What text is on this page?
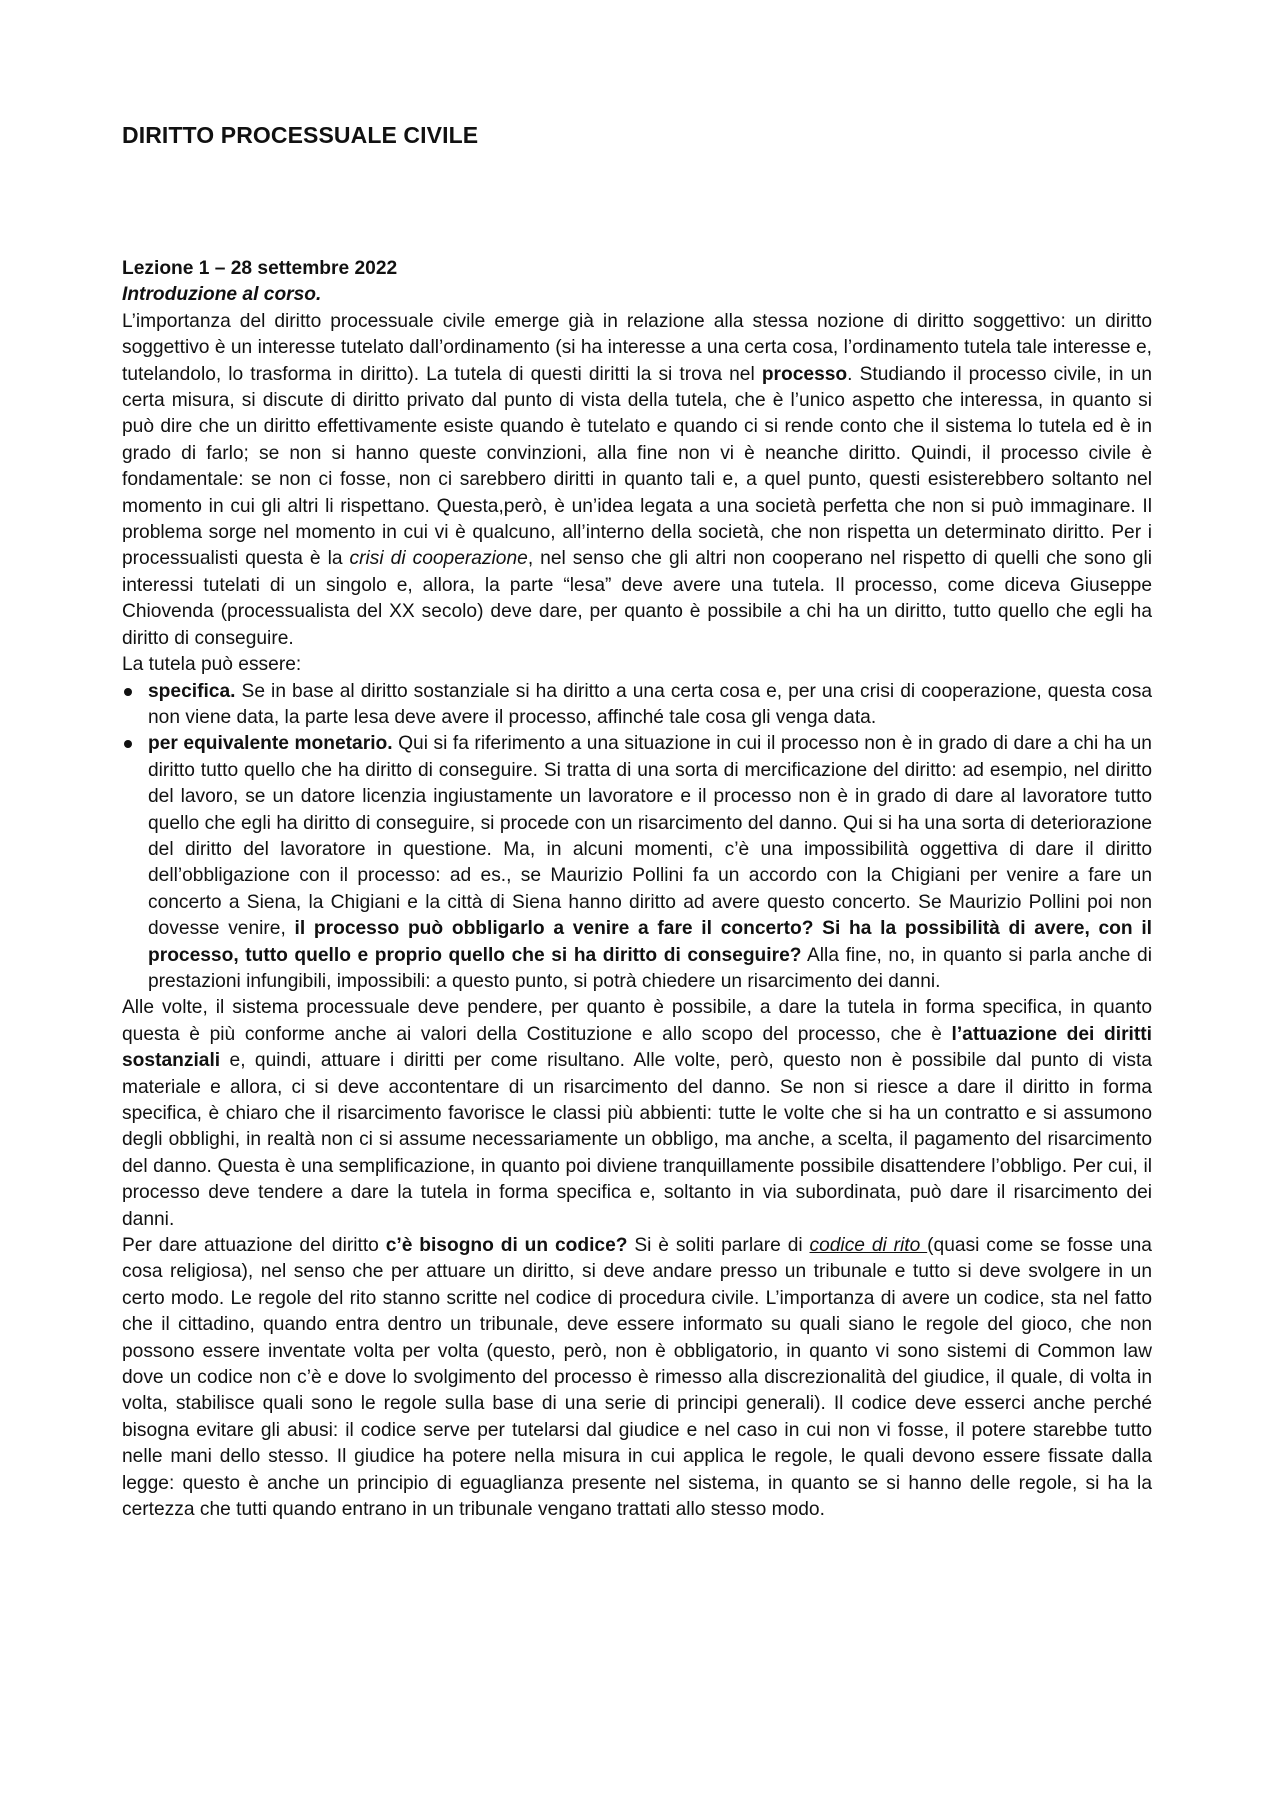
DIRITTO PROCESSUALE CIVILE
Lezione 1 – 28 settembre 2022
Introduzione al corso.

L’importanza del diritto processuale civile emerge già in relazione alla stessa nozione di diritto soggettivo: un diritto soggettivo è un interesse tutelato dall’ordinamento (si ha interesse a una certa cosa, l’ordinamento tutela tale interesse e, tutelandolo, lo trasforma in diritto). La tutela di questi diritti la si trova nel processo. Studiando il processo civile, in un certa misura, si discute di diritto privato dal punto di vista della tutela, che è l’unico aspetto che interessa, in quanto si può dire che un diritto effettivamente esiste quando è tutelato e quando ci si rende conto che il sistema lo tutela ed è in grado di farlo; se non si hanno queste convinzioni, alla fine non vi è neanche diritto. Quindi, il processo civile è fondamentale: se non ci fosse, non ci sarebbero diritti in quanto tali e, a quel punto, questi esisterebbero soltanto nel momento in cui gli altri li rispettano. Questa,però, è un’idea legata a una società perfetta che non si può immaginare. Il problema sorge nel momento in cui vi è qualcuno, all’interno della società, che non rispetta un determinato diritto. Per i processualisti questa è la crisi di cooperazione, nel senso che gli altri non cooperano nel rispetto di quelli che sono gli interessi tutelati di un singolo e, allora, la parte “lesa” deve avere una tutela. Il processo, come diceva Giuseppe Chiovenda (processualista del XX secolo) deve dare, per quanto è possibile a chi ha un diritto, tutto quello che egli ha diritto di conseguire.

La tutela può essere:

specifica. Se in base al diritto sostanziale si ha diritto a una certa cosa e, per una crisi di cooperazione, questa cosa non viene data, la parte lesa deve avere il processo, affinché tale cosa gli venga data.
per equivalente monetario. Qui si fa riferimento a una situazione in cui il processo non è in grado di dare a chi ha un diritto tutto quello che ha diritto di conseguire. Si tratta di una sorta di mercificazione del diritto: ad esempio, nel diritto del lavoro, se un datore licenzia ingiustamente un lavoratore e il processo non è in grado di dare al lavoratore tutto quello che egli ha diritto di conseguire, si procede con un risarcimento del danno. Qui si ha una sorta di deteriorazione del diritto del lavoratore in questione. Ma, in alcuni momenti, c’è una impossibilità oggettiva di dare il diritto dell’obbligazione con il processo: ad es., se Maurizio Pollini fa un accordo con la Chigiani per venire a fare un concerto a Siena, la Chigiani e la città di Siena hanno diritto ad avere questo concerto. Se Maurizio Pollini poi non dovesse venire, il processo può obbligarlo a venire a fare il concerto? Si ha la possibilità di avere, con il processo, tutto quello e proprio quello che si ha diritto di conseguire? Alla fine, no, in quanto si parla anche di prestazioni infungibili, impossibili: a questo punto, si potrà chiedere un risarcimento dei danni.

Alle volte, il sistema processuale deve pendere, per quanto è possibile, a dare la tutela in forma specifica, in quanto questa è più conforme anche ai valori della Costituzione e allo scopo del processo, che è l’attuazione dei diritti sostanziali e, quindi, attuare i diritti per come risultano. Alle volte, però, questo non è possibile dal punto di vista materiale e allora, ci si deve accontentare di un risarcimento del danno. Se non si riesce a dare il diritto in forma specifica, è chiaro che il risarcimento favorisce le classi più abbienti: tutte le volte che si ha un contratto e si assumono degli obblighi, in realtà non ci si assume necessariamente un obbligo, ma anche, a scelta, il pagamento del risarcimento del danno. Questa è una semplificazione, in quanto poi diviene tranquillamente possibile disattendere l’obbligo. Per cui, il processo deve tendere a dare la tutela in forma specifica e, soltanto in via subordinata, può dare il risarcimento dei danni.

Per dare attuazione del diritto c’è bisogno di un codice? Si è soliti parlare di codice di rito (quasi come se fosse una cosa religiosa), nel senso che per attuare un diritto, si deve andare presso un tribunale e tutto si deve svolgere in un certo modo. Le regole del rito stanno scritte nel codice di procedura civile. L’importanza di avere un codice, sta nel fatto che il cittadino, quando entra dentro un tribunale, deve essere informato su quali siano le regole del gioco, che non possono essere inventate volta per volta (questo, però, non è obbligatorio, in quanto vi sono sistemi di Common law dove un codice non c’è e dove lo svolgimento del processo è rimesso alla discrezionalità del giudice, il quale, di volta in volta, stabilisce quali sono le regole sulla base di una serie di principi generali). Il codice deve esserci anche perché bisogna evitare gli abusi: il codice serve per tutelarsi dal giudice e nel caso in cui non vi fosse, il potere starebbe tutto nelle mani dello stesso. Il giudice ha potere nella misura in cui applica le regole, le quali devono essere fissate dalla legge: questo è anche un principio di eguaglianza presente nel sistema, in quanto se si hanno delle regole, si ha la certezza che tutti quando entrano in un tribunale vengano trattati allo stesso modo.
